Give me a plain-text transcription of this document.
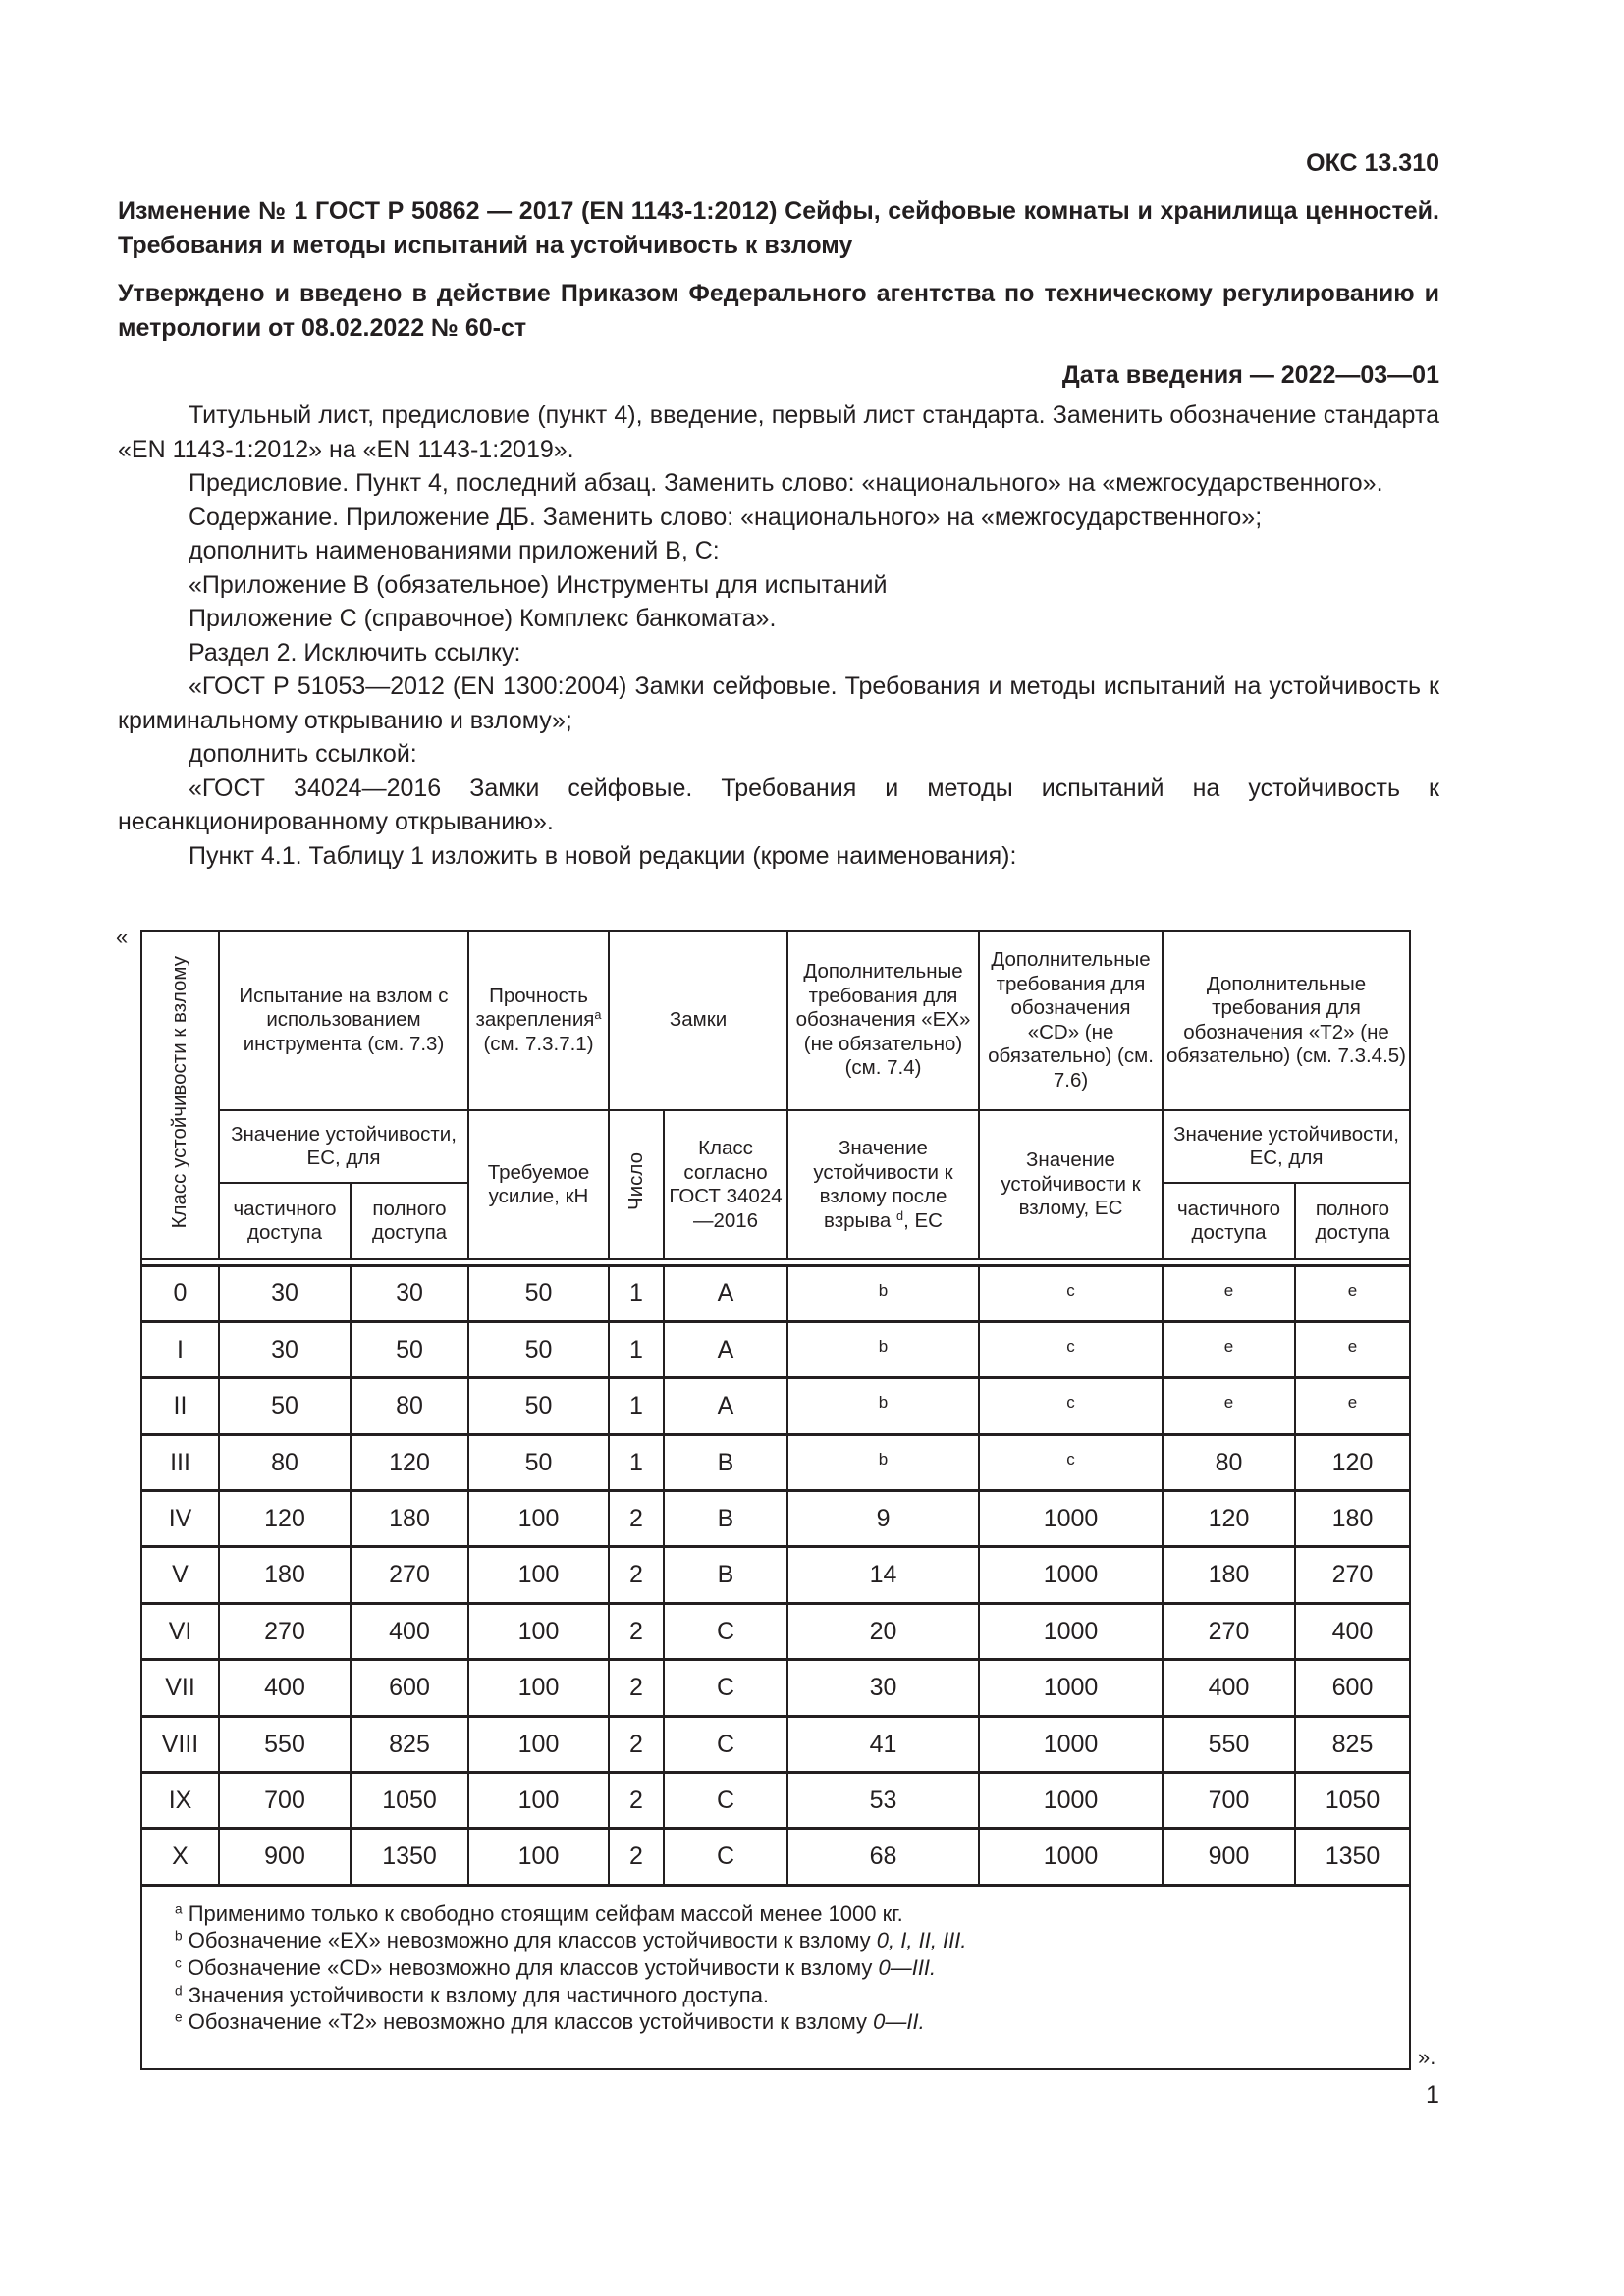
ОКС 13.310
Изменение № 1 ГОСТ Р 50862 — 2017 (EN 1143-1:2012) Сейфы, сейфовые комнаты и хранилища ценностей. Требования и методы испытаний на устойчивость к взлому
Утверждено и введено в действие Приказом Федерального агентства по техническому регулированию и метрологии от 08.02.2022 № 60-ст
Дата введения — 2022—03—01

Титульный лист, предисловие (пункт 4), введение, первый лист стандарта. Заменить обозначение стандарта «EN 1143-1:2012» на «EN 1143-1:2019».

Предисловие. Пункт 4, последний абзац. Заменить слово: «национального» на «межгосударственного».

Содержание. Приложение ДБ. Заменить слово: «национального» на «межгосударственного»;

дополнить наименованиями приложений В, С:

«Приложение В (обязательное) Инструменты для испытаний

Приложение С (справочное) Комплекс банкомата».

Раздел 2. Исключить ссылку:

«ГОСТ Р 51053—2012 (EN 1300:2004) Замки сейфовые. Требования и методы испытаний на устойчивость к криминальному открыванию и взлому»;

дополнить ссылкой:

«ГОСТ 34024—2016 Замки сейфовые. Требования и методы испытаний на устойчивость к несанкционированному открыванию».

Пункт 4.1. Таблицу 1 изложить в новой редакции (кроме наименования):

«
Класс устойчивости к взлому	Испытание на взлом с использованием инструмента (см. 7.3)		Прочность закрепления$^a$ (см. 7.3.7.1)	Замки		Дополнительные требования для обозначения «EX» (не обязательно) (см. 7.4)	Дополнительные требования для обозначения «CD» (не обязательно) (см. 7.6)	Дополнительные требования для обозначения «Т2» (не обязательно) (см. 7.3.4.5)	
	Значение устойчивости, ЕС, для		Требуемое усилие, кН	Число	Класс согласно ГОСТ 34024—2016	Значение устойчивости к взлому после взрыва $^d$, ЕС	Значение устойчивости к взлому, ЕС	Значение устойчивости, ЕС, для	
	частичного доступа	полного доступа						частичного доступа	полного доступа

0	30	30	50	1	A	b	c	e	e
I	30	50	50	1	A	b	c	e	e
II	50	80	50	1	A	b	c	e	e
III	80	120	50	1	B	b	c	80	120
IV	120	180	100	2	B	9	1000	120	180
V	180	270	100	2	B	14	1000	180	270
VI	270	400	100	2	C	20	1000	270	400
VII	400	600	100	2	C	30	1000	400	600
VIII	550	825	100	2	C	41	1000	550	825
IX	700	1050	100	2	C	53	1000	700	1050
X	900	1350	100	2	C	68	1000	900	1350

$^a$ Применимо только к свободно стоящим сейфам массой менее 1000 кг.
$^b$ Обозначение «EX» невозможно для классов устойчивости к взлому 0, I, II, III.
$^c$ Обозначение «CD» невозможно для классов устойчивости к взлому 0—III.
$^d$ Значения устойчивости к взлому для частичного доступа.
$^e$ Обозначение «Т2» невозможно для классов устойчивости к взлому 0—II.									
».
1
